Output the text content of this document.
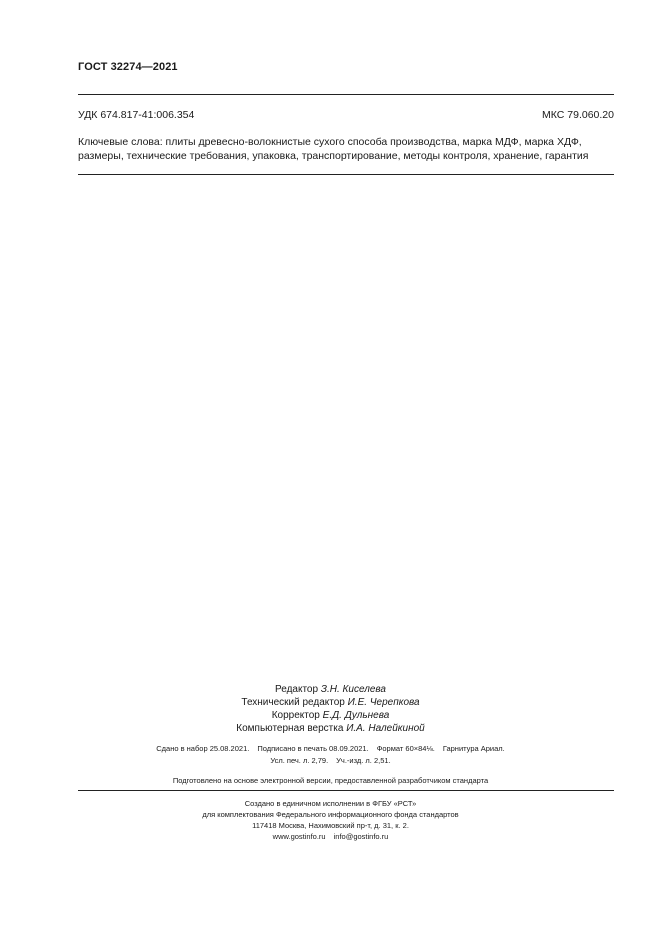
ГОСТ 32274—2021
УДК 674.817-41:006.354	МКС 79.060.20

Ключевые слова: плиты древесно-волокнистые сухого способа производства, марка МДФ, марка ХДФ,

размеры, технические требования, упаковка, транспортирование, методы контроля, хранение, гарантия

Редактор З.Н. Киселева
Технический редактор И.Е. Черепкова
Корректор Е.Д. Дульнева
Компьютерная верстка И.А. Налейкиной
Сдано в набор 25.08.2021. Подписано в печать 08.09.2021. Формат 60×84⅛. Гарнитура Ариал.
Усл. печ. л. 2,79. Уч.-изд. л. 2,51.
Подготовлено на основе электронной версии, предоставленной разработчиком стандарта
Создано в единичном исполнении в ФГБУ «РСТ»
для комплектования Федерального информационного фонда стандартов
117418 Москва, Нахимовский пр-т, д. 31, к. 2.
www.gostinfo.ru info@gostinfo.ru
